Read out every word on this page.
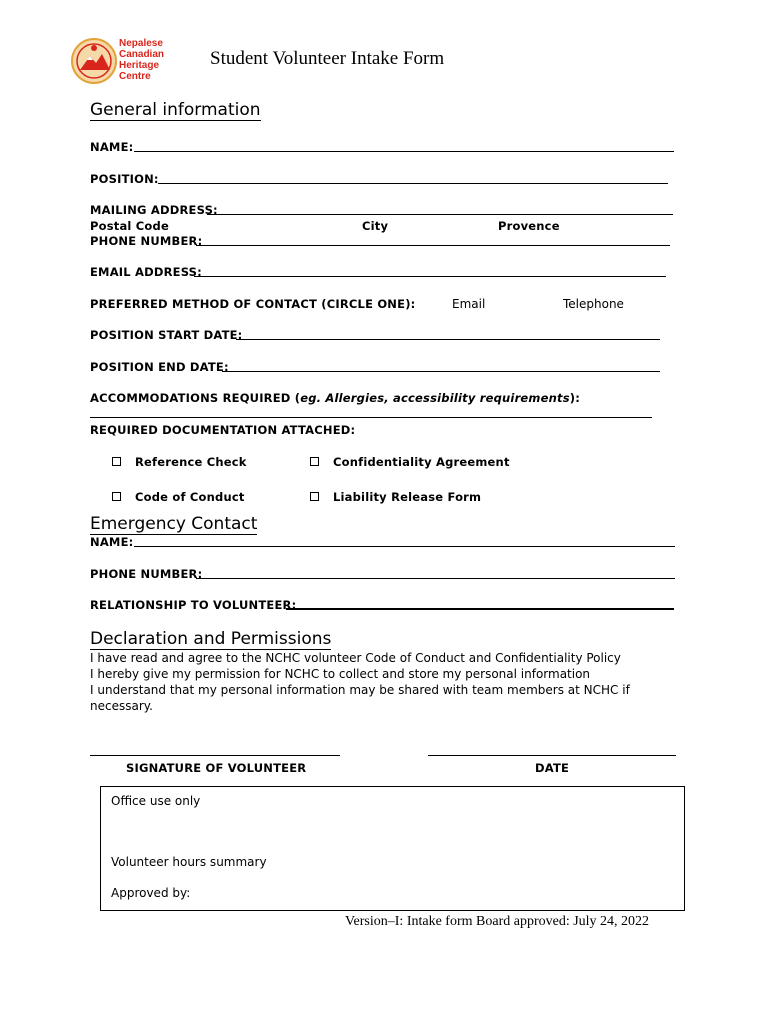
Nepalese
Canadian
Heritage
Centre
Student Volunteer Intake Form
General information
NAME:
POSITION:
MAILING ADDRESS:
Postal Code	City	Provence
PHONE NUMBER:
EMAIL ADDRESS:
PREFERRED METHOD OF CONTACT (CIRCLE ONE):	Email	Telephone
POSITION START DATE:
POSITION END DATE:
ACCOMMODATIONS REQUIRED (eg. Allergies, accessibility requirements):
REQUIRED DOCUMENTATION ATTACHED:
Reference Check	Confidentiality Agreement
Code of Conduct	Liability Release Form
Emergency Contact
NAME:
PHONE NUMBER:
RELATIONSHIP TO VOLUNTEER:
Declaration and Permissions
I have read and agree to the NCHC volunteer Code of Conduct and Confidentiality Policy
I hereby give my permission for NCHC to collect and store my personal information
I understand that my personal information may be shared with team members at NCHC if
necessary.
SIGNATURE OF VOLUNTEER	DATE
Office use only
Volunteer hours summary
Approved by:
Version–I: Intake form Board approved: July 24, 2022
